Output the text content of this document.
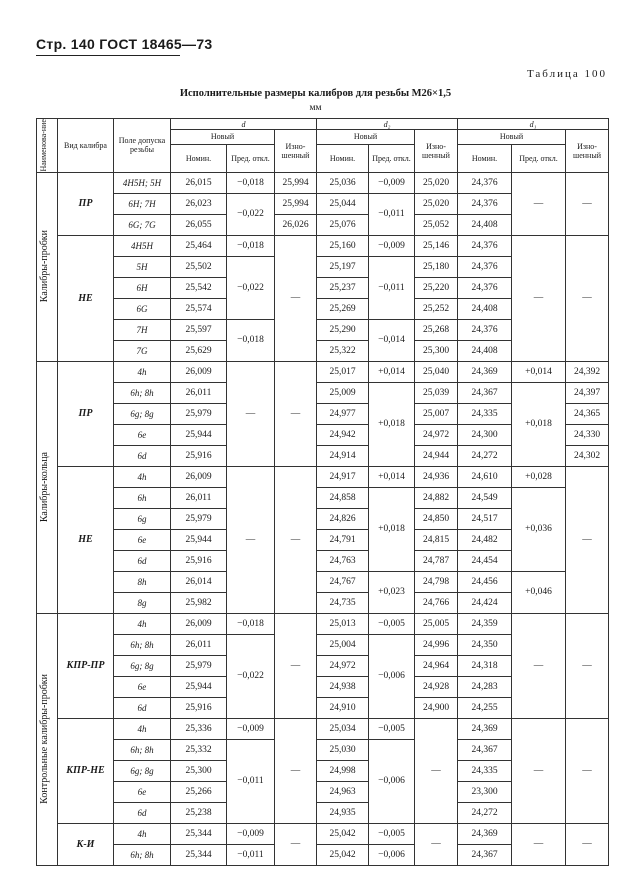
Стр. 140 ГОСТ 18465—73
Таблица 100
Исполнительные размеры калибров для резьбы М26×1,5
мм
Наименова-ние	Вид калибра	Поле допуска резьбы	d			d₂			d₁		
			Новый		Изно-шенный	Новый		Изно-шенный	Новый		Изно-шенный
			Номин.	Пред. откл.		Номин.	Пред. откл.		Номин.	Пред. откл.	

Калибры-пробки	ПР	4Н5Н; 5Н	26,015	−0,018	25,994	25,036	−0,009	25,020	24,376	—	—
		6Н; 7Н	26,023	−0,022	25,994	25,044	−0,011	25,020	24,376		
		6G; 7G	26,055		26,026	25,076		25,052	24,408		
	НЕ	4Н5Н	25,464	−0,018	—	25,160	−0,009	25,146	24,376	—	—
		5Н	25,502	−0,022		25,197	−0,011	25,180	24,376		
		6Н	25,542			25,237		25,220	24,376		
		6G	25,574			25,269		25,252	24,408		
		7Н	25,597	−0,018		25,290	−0,014	25,268	24,376		
		7G	25,629			25,322		25,300	24,408		

Калибры-кольца	ПР	4h	26,009	—	—	25,017	+0,014	25,040	24,369	+0,014	24,392
		6h; 8h	26,011			25,009	+0,018	25,039	24,367	+0,018	24,397
		6g; 8g	25,979			24,977		25,007	24,335		24,365
		6е	25,944			24,942		24,972	24,300		24,330
		6d	25,916			24,914		24,944	24,272		24,302
	НЕ	4h	26,009	—	—	24,917	+0,014	24,936	24,610	+0,028	—
		6h	26,011			24,858	+0,018	24,882	24,549	+0,036	
		6g	25,979			24,826		24,850	24,517		
		6е	25,944			24,791		24,815	24,482		
		6d	25,916			24,763		24,787	24,454		
		8h	26,014			24,767	+0,023	24,798	24,456	+0,046	
		8g	25,982			24,735		24,766	24,424		

Контрольные калибры-пробки	КПР-ПР	4h	26,009	−0,018	—	25,013	−0,005	25,005	24,359	—	—
		6h; 8h	26,011	−0,022		25,004	−0,006	24,996	24,350		
		6g; 8g	25,979			24,972		24,964	24,318		
		6е	25,944			24,938		24,928	24,283		
		6d	25,916			24,910		24,900	24,255		
	КПР-НЕ	4h	25,336	−0,009	—	25,034	−0,005	—	24,369	—	—
		6h; 8h	25,332	−0,011		25,030	−0,006		24,367		
		6g; 8g	25,300			24,998			24,335		
		6е	25,266			24,963			23,300		
		6d	25,238			24,935			24,272		
	К-И	4h	25,344	−0,009	—	25,042	−0,005	—	24,369	—	—
		6h; 8h	25,344	−0,011		25,042	−0,006		24,367		
